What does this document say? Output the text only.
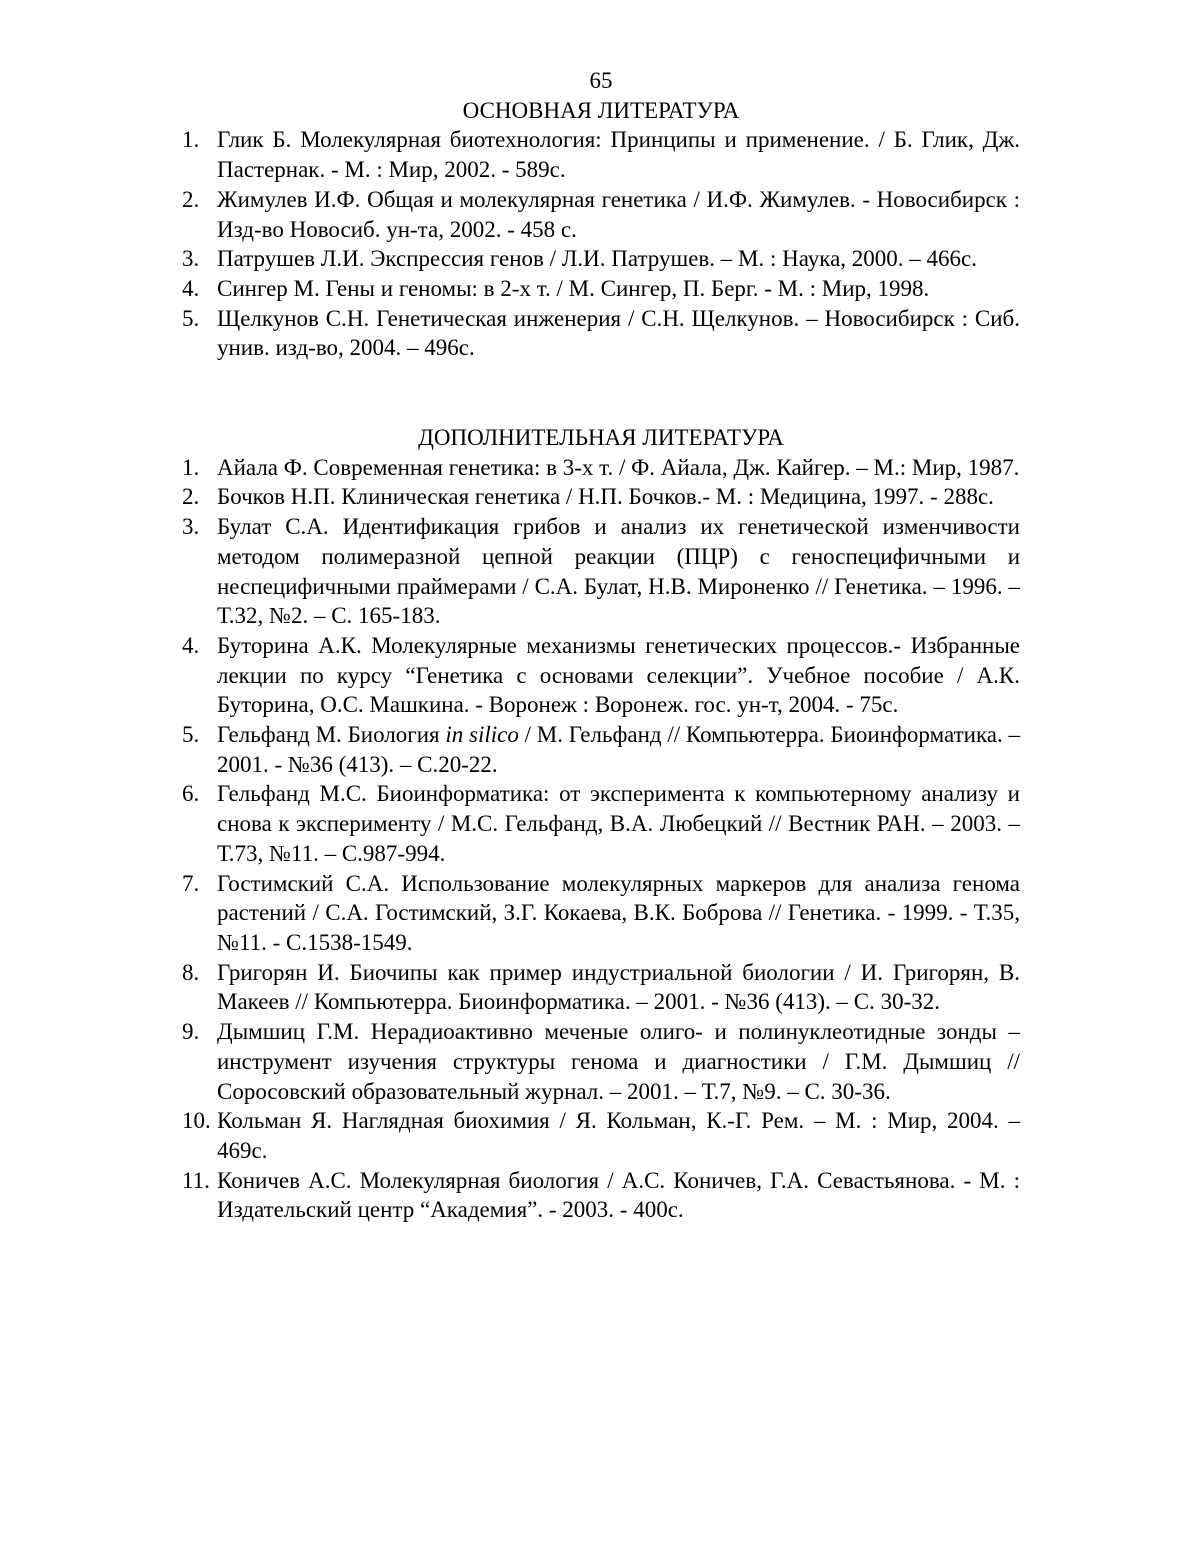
65

ОСНОВНАЯ ЛИТЕРАТУРА
1. Глик Б. Молекулярная биотехнология: Принципы и применение. / Б. Глик, Дж. Пастернак. - М. : Мир, 2002. - 589с.
2. Жимулев И.Ф. Общая и молекулярная генетика / И.Ф. Жимулев. - Новосибирск : Изд-во Новосиб. ун-та, 2002. - 458 с.
3. Патрушев Л.И. Экспрессия генов / Л.И. Патрушев. – М. : Наука, 2000. – 466с.
4. Сингер М. Гены и геномы: в 2-х т. / М. Сингер, П. Берг. - М. : Мир, 1998.
5. Щелкунов С.Н. Генетическая инженерия / С.Н. Щелкунов. – Новосибирск : Сиб. унив. изд-во, 2004. – 496с.
ДОПОЛНИТЕЛЬНАЯ ЛИТЕРАТУРА
1. Айала Ф. Современная генетика: в 3-х т. / Ф. Айала, Дж. Кайгер. – М.: Мир, 1987.
2. Бочков Н.П. Клиническая генетика / Н.П. Бочков.- М. : Медицина, 1997. - 288с.
3. Булат С.А. Идентификация грибов и анализ их генетической изменчивости методом полимеразной цепной реакции (ПЦР) с геноспецифичными и неспецифичными праймерами / С.А. Булат, Н.В. Мироненко // Генетика. – 1996. – Т.32, №2. – С. 165-183.
4. Буторина А.К. Молекулярные механизмы генетических процессов.- Избранные лекции по курсу “Генетика с основами селекции”. Учебное пособие / А.К. Буторина, О.С. Машкина. - Воронеж : Воронеж. гос. ун-т, 2004. - 75с.
5. Гельфанд М. Биология in silico / М. Гельфанд // Компьютерра. Биоинформатика. – 2001. - №36 (413). – С.20-22.
6. Гельфанд М.С. Биоинформатика: от эксперимента к компьютерному анализу и снова к эксперименту / М.С. Гельфанд, В.А. Любецкий // Вестник РАН. – 2003. – Т.73, №11. – С.987-994.
7. Гостимский С.А. Использование молекулярных маркеров для анализа генома растений / С.А. Гостимский, З.Г. Кокаева, В.К. Боброва // Генетика. - 1999. - Т.35, №11. - С.1538-1549.
8. Григорян И. Биочипы как пример индустриальной биологии / И. Григорян, В. Макеев // Компьютерра. Биоинформатика. – 2001. - №36 (413). – С. 30-32.
9. Дымшиц Г.М. Нерадиоактивно меченые олиго- и полинуклеотидные зонды – инструмент изучения структуры генома и диагностики / Г.М. Дымшиц // Соросовский образовательный журнал. – 2001. – Т.7, №9. – С. 30-36.
10. Кольман Я. Наглядная биохимия / Я. Кольман, К.-Г. Рем. – М. : Мир, 2004. – 469с.
11. Коничев А.С. Молекулярная биология / А.С. Коничев, Г.А. Севастьянова. - М. : Издательский центр “Академия”. - 2003. - 400с.
